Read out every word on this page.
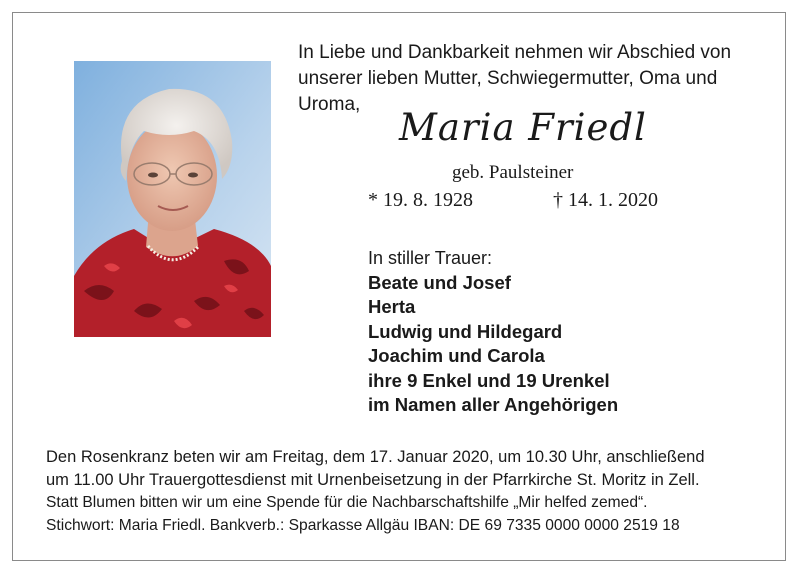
In Liebe und Dankbarkeit nehmen wir Abschied von
unserer lieben Mutter, Schwiegermutter, Oma und
Uroma,
Maria Friedl
geb. Paulsteiner
* 19. 8. 1928	† 14. 1. 2020
In stiller Trauer:
Beate und Josef
Herta
Ludwig und Hildegard
Joachim und Carola
ihre 9 Enkel und 19 Urenkel
im Namen aller Angehörigen
Den Rosenkranz beten wir am Freitag, dem 17. Januar 2020, um 10.30 Uhr, anschließend
um 11.00 Uhr Trauergottesdienst mit Urnenbeisetzung in der Pfarrkirche St. Moritz in Zell.
Statt Blumen bitten wir um eine Spende für die Nachbarschaftshilfe „Mir helfed zemed“.
Stichwort: Maria Friedl. Bankverb.: Sparkasse Allgäu IBAN: DE 69 7335 0000 0000 2519 18
